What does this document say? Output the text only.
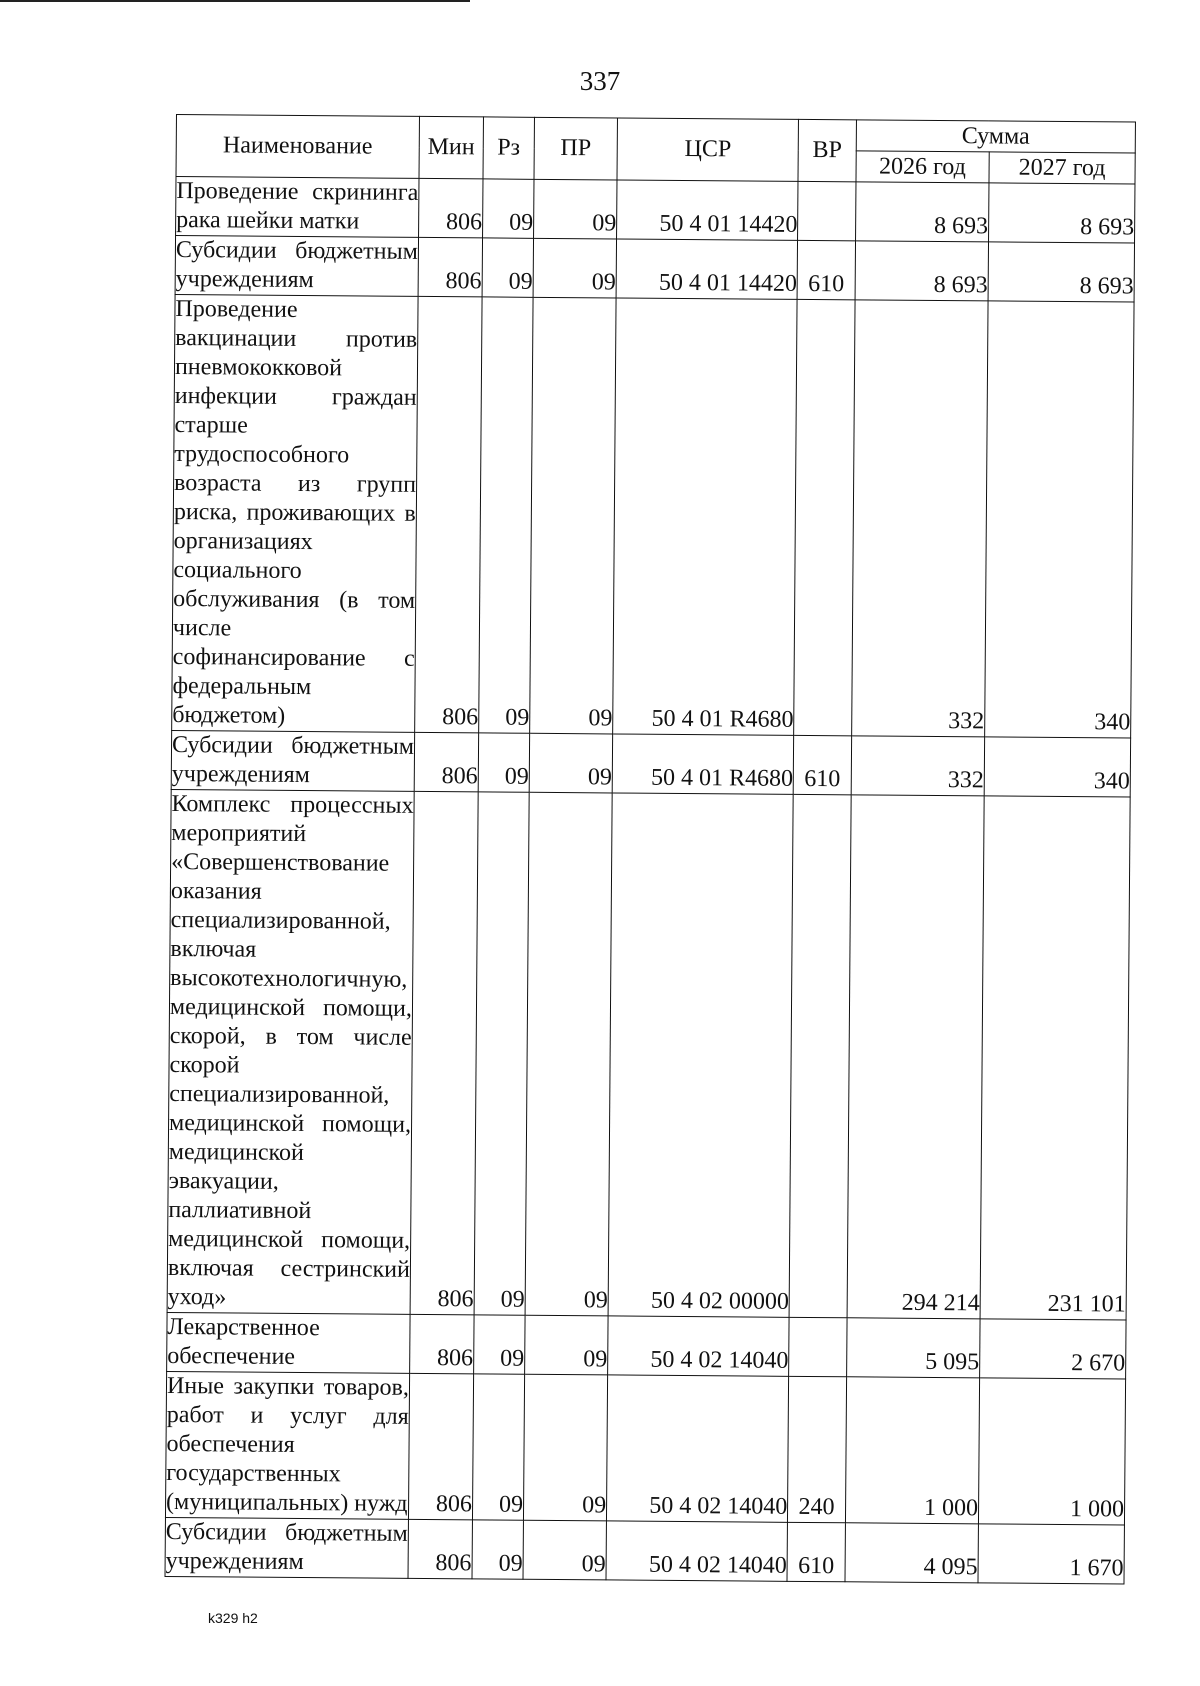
337
Наименование	Мин	Рз	ПР	ЦСР	ВР	Сумма	
						2026 год	2027 год
Проведение скрининга рака шейки матки	806	09	09	50 4 01 14420		8 693	8 693
Субсидии бюджетным учреждениям	806	09	09	50 4 01 14420	610	8 693	8 693
Проведение вакцинации против пневмококковой инфекции граждан старше трудоспособного возраста из групп риска, проживающих в организациях социального обслуживания (в том числе софинансирование с федеральным бюджетом)	806	09	09	50 4 01 R4680		332	340
Субсидии бюджетным учреждениям	806	09	09	50 4 01 R4680	610	332	340
Комплекс процессных мероприятий «Совершенствование оказания специализированной, включая высокотехнологичную, медицинской помощи, скорой, в том числе скорой специализированной, медицинской помощи, медицинской эвакуации, паллиативной медицинской помощи, включая сестринский уход»	806	09	09	50 4 02 00000		294 214	231 101
Лекарственное обеспечение	806	09	09	50 4 02 14040		5 095	2 670
Иные закупки товаров, работ и услуг для обеспечения государственных (муниципальных) нужд	806	09	09	50 4 02 14040	240	1 000	1 000
Субсидии бюджетным учреждениям	806	09	09	50 4 02 14040	610	4 095	1 670
k329 h2
